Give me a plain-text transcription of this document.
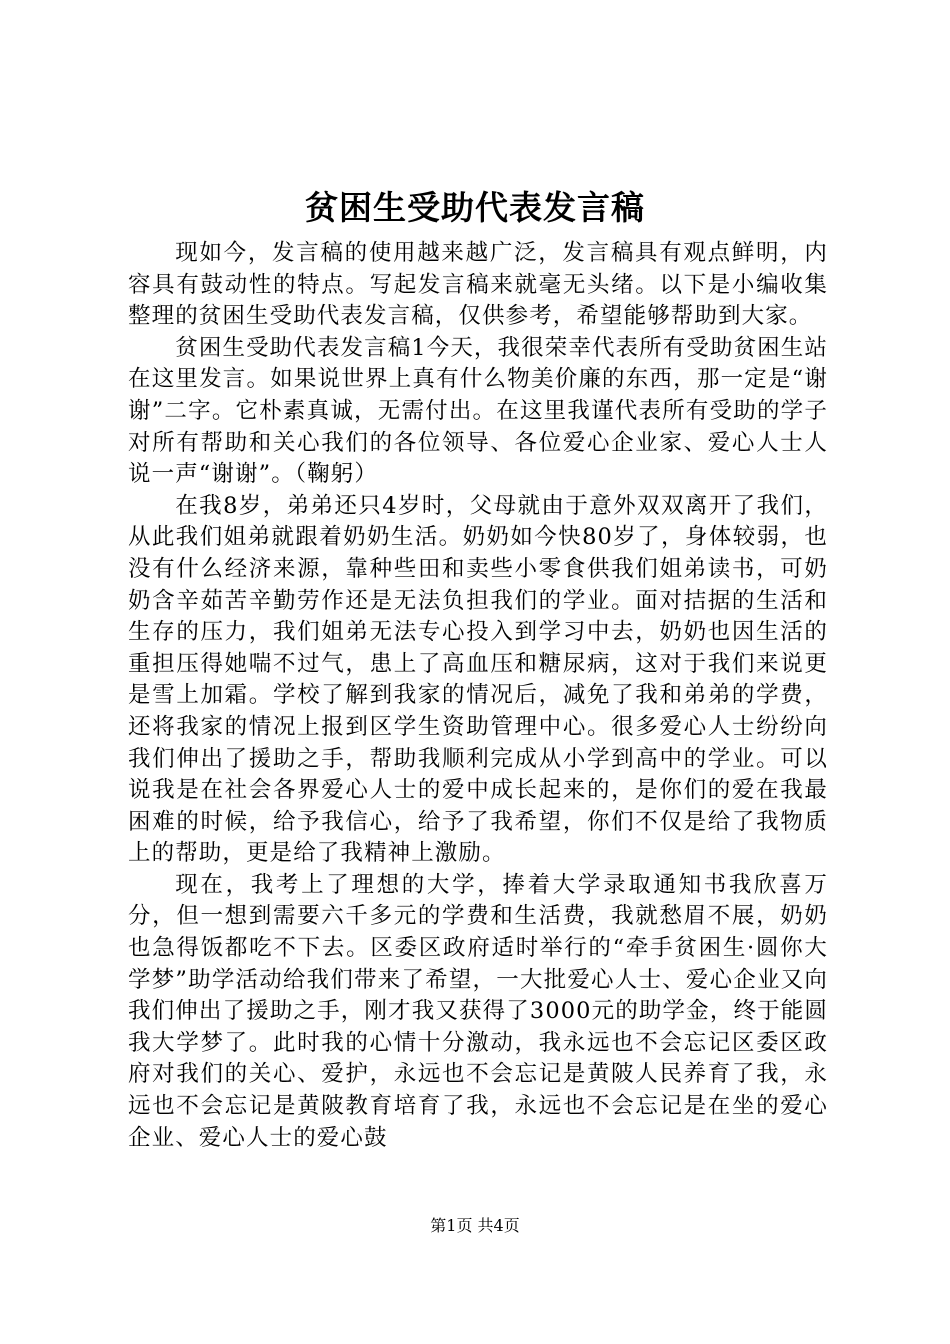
贫困生受助代表发言稿

现如今，发言稿的使用越来越广泛，发言稿具有观点鲜明，内容具有鼓动性的特点。写起发言稿来就毫无头绪。以下是小编收集整理的贫困生受助代表发言稿，仅供参考，希望能够帮助到大家。

贫困生受助代表发言稿1今天，我很荣幸代表所有受助贫困生站在这里发言。如果说世界上真有什么物美价廉的东西，那一定是“谢谢”二字。它朴素真诚，无需付出。在这里我谨代表所有受助的学子对所有帮助和关心我们的各位领导、各位爱心企业家、爱心人士人说一声“谢谢”。（鞠躬）

在我8岁，弟弟还只4岁时，父母就由于意外双双离开了我们，从此我们姐弟就跟着奶奶生活。奶奶如今快80岁了，身体较弱，也没有什么经济来源，靠种些田和卖些小零食供我们姐弟读书，可奶奶含辛茹苦辛勤劳作还是无法负担我们的学业。面对拮据的生活和生存的压力，我们姐弟无法专心投入到学习中去，奶奶也因生活的重担压得她喘不过气，患上了高血压和糖尿病，这对于我们来说更是雪上加霜。学校了解到我家的情况后，减免了我和弟弟的学费，还将我家的情况上报到区学生资助管理中心。很多爱心人士纷纷向我们伸出了援助之手，帮助我顺利完成从小学到高中的学业。可以说我是在社会各界爱心人士的爱中成长起来的，是你们的爱在我最困难的时候，给予我信心，给予了我希望，你们不仅是给了我物质上的帮助，更是给了我精神上激励。

现在，我考上了理想的大学，捧着大学录取通知书我欣喜万分，但一想到需要六千多元的学费和生活费，我就愁眉不展，奶奶也急得饭都吃不下去。区委区政府适时举行的“牵手贫困生·圆你大学梦”助学活动给我们带来了希望，一大批爱心人士、爱心企业又向我们伸出了援助之手，刚才我又获得了3000元的助学金，终于能圆我大学梦了。此时我的心情十分激动，我永远也不会忘记区委区政府对我们的关心、爱护，永远也不会忘记是黄陂人民养育了我，永远也不会忘记是黄陂教育培育了我，永远也不会忘记是在坐的爱心企业、爱心人士的爱心鼓

第1页 共4页
